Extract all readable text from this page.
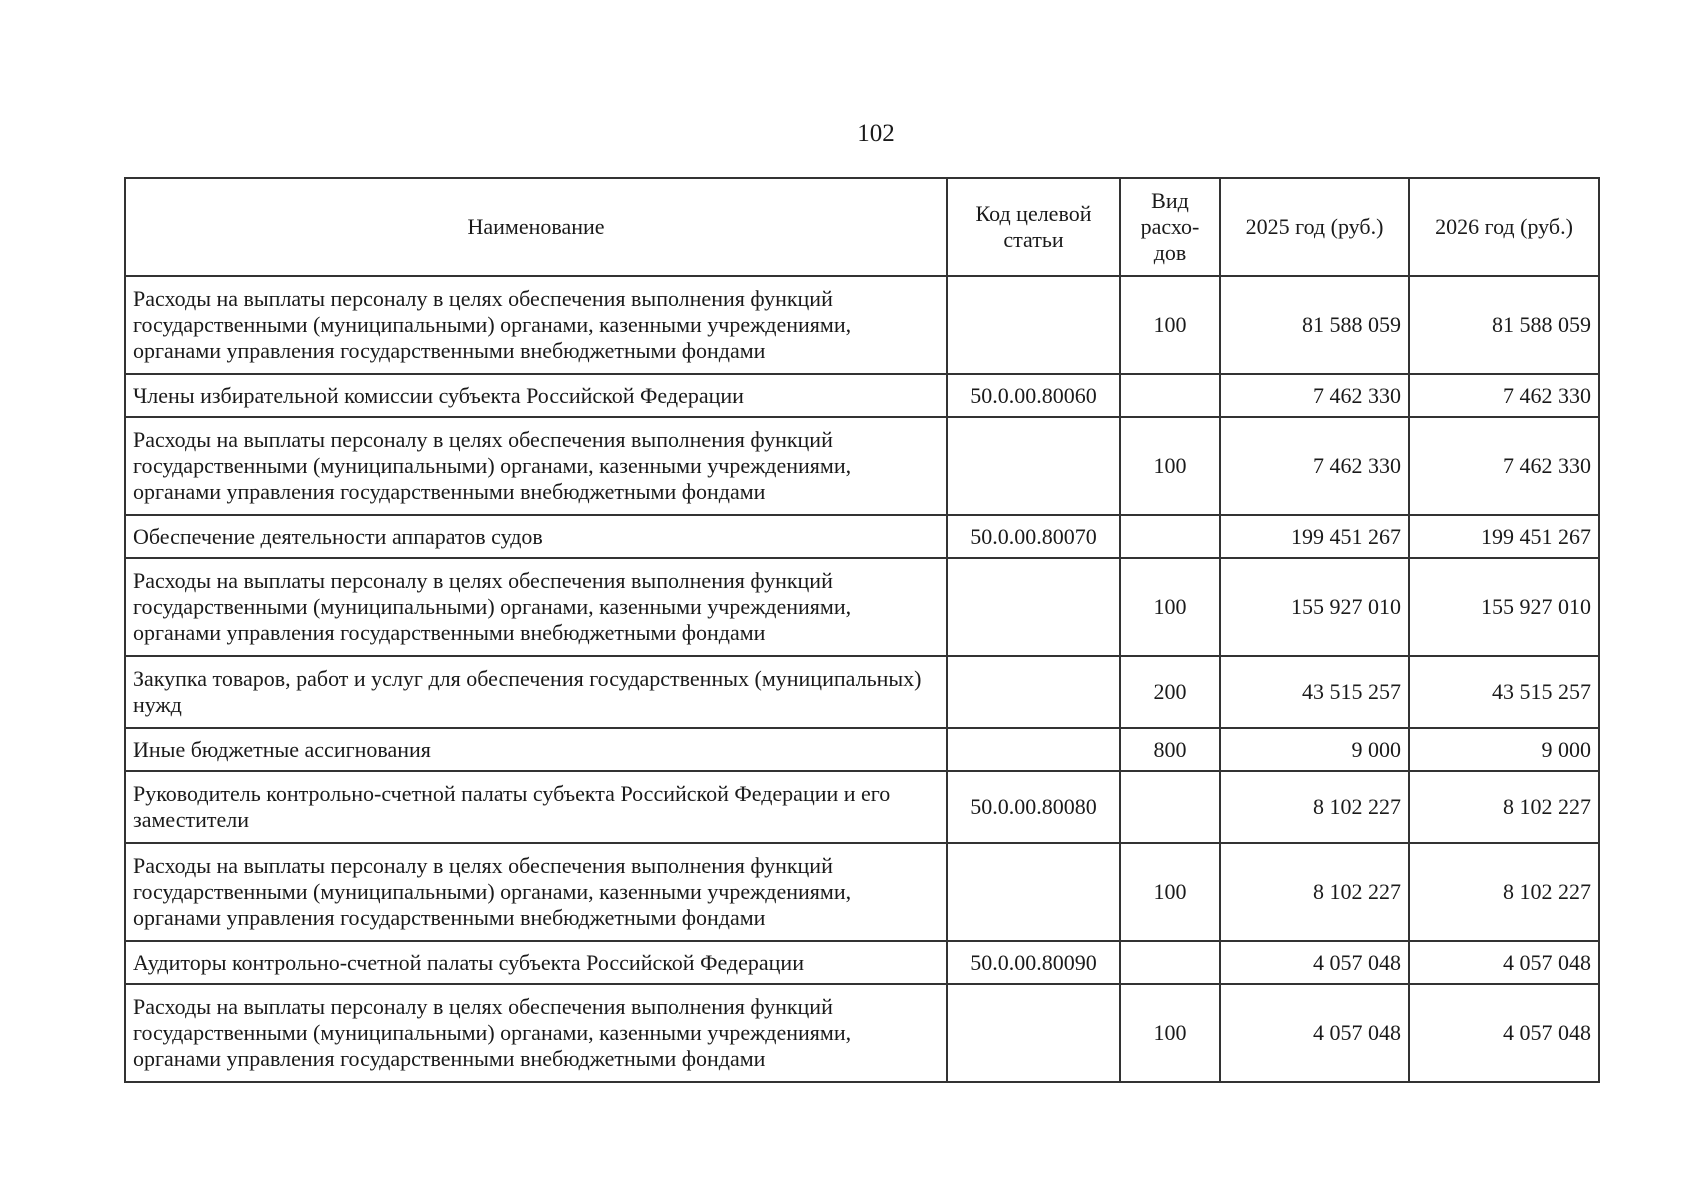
102
Наименование	Код целевой статьи	Вид расхо-дов	2025 год (руб.)	2026 год (руб.)
Расходы на выплаты персоналу в целях обеспечения выполнения функций государственными (муниципальными) органами, казенными учреждениями, органами управления государственными внебюджетными фондами		100	81 588 059	81 588 059
Члены избирательной комиссии субъекта Российской Федерации	50.0.00.80060		7 462 330	7 462 330
Расходы на выплаты персоналу в целях обеспечения выполнения функций государственными (муниципальными) органами, казенными учреждениями, органами управления государственными внебюджетными фондами		100	7 462 330	7 462 330
Обеспечение деятельности аппаратов судов	50.0.00.80070		199 451 267	199 451 267
Расходы на выплаты персоналу в целях обеспечения выполнения функций государственными (муниципальными) органами, казенными учреждениями, органами управления государственными внебюджетными фондами		100	155 927 010	155 927 010
Закупка товаров, работ и услуг для обеспечения государственных (муниципальных) нужд		200	43 515 257	43 515 257
Иные бюджетные ассигнования		800	9 000	9 000
Руководитель контрольно-счетной палаты субъекта Российской Федерации и его заместители	50.0.00.80080		8 102 227	8 102 227
Расходы на выплаты персоналу в целях обеспечения выполнения функций государственными (муниципальными) органами, казенными учреждениями, органами управления государственными внебюджетными фондами		100	8 102 227	8 102 227
Аудиторы контрольно-счетной палаты субъекта Российской Федерации	50.0.00.80090		4 057 048	4 057 048
Расходы на выплаты персоналу в целях обеспечения выполнения функций государственными (муниципальными) органами, казенными учреждениями, органами управления государственными внебюджетными фондами		100	4 057 048	4 057 048
